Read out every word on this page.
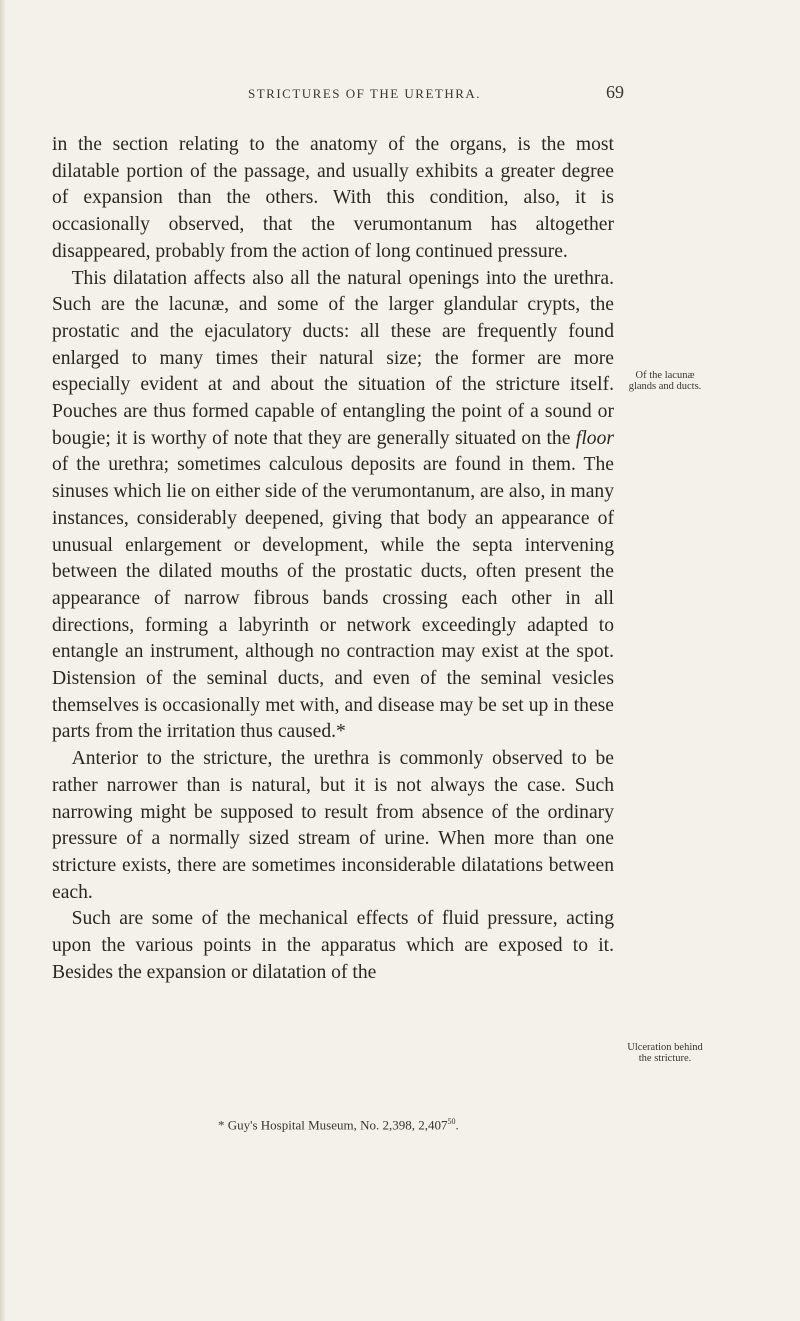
STRICTURES OF THE URETHRA.	69

in the section relating to the anatomy of the organs, is the most dilatable portion of the passage, and usually exhibits a greater degree of expansion than the others. With this condition, also, it is occasionally observed, that the verumontanum has altogether disappeared, probably from the action of long continued pressure.

 This dilatation affects also all the natural openings into the urethra. Such are the lacunæ, and some of the larger glandular crypts, the prostatic and the ejaculatory ducts: all these are frequently found enlarged to many times their natural size; the former are more especially evident at and about the situation of the stricture itself. Pouches are thus formed capable of entangling the point of a sound or bougie; it is worthy of note that they are generally situated on the floor of the urethra; sometimes calculous deposits are found in them. The sinuses which lie on either side of the verumontanum, are also, in many instances, considerably deepened, giving that body an appearance of unusual enlargement or development, while the septa intervening between the dilated mouths of the prostatic ducts, often present the appearance of narrow fibrous bands crossing each other in all directions, forming a labyrinth or network exceedingly adapted to entangle an instrument, although no contraction may exist at the spot. Distension of the seminal ducts, and even of the seminal vesicles themselves is occasionally met with, and disease may be set up in these parts from the irritation thus caused.*

 Anterior to the stricture, the urethra is commonly observed to be rather narrower than is natural, but it is not always the case. Such narrowing might be supposed to result from absence of the ordinary pressure of a normally sized stream of urine. When more than one stricture exists, there are sometimes inconsiderable dilatations between each.

 Such are some of the mechanical effects of fluid pressure, acting upon the various points in the apparatus which are exposed to it. Besides the expansion or dilatation of the

Of the lacunæ glands and ducts.
Ulceration behind the stricture.
* Guy's Hospital Museum, No. 2,398, 2,407$^{50}$.
